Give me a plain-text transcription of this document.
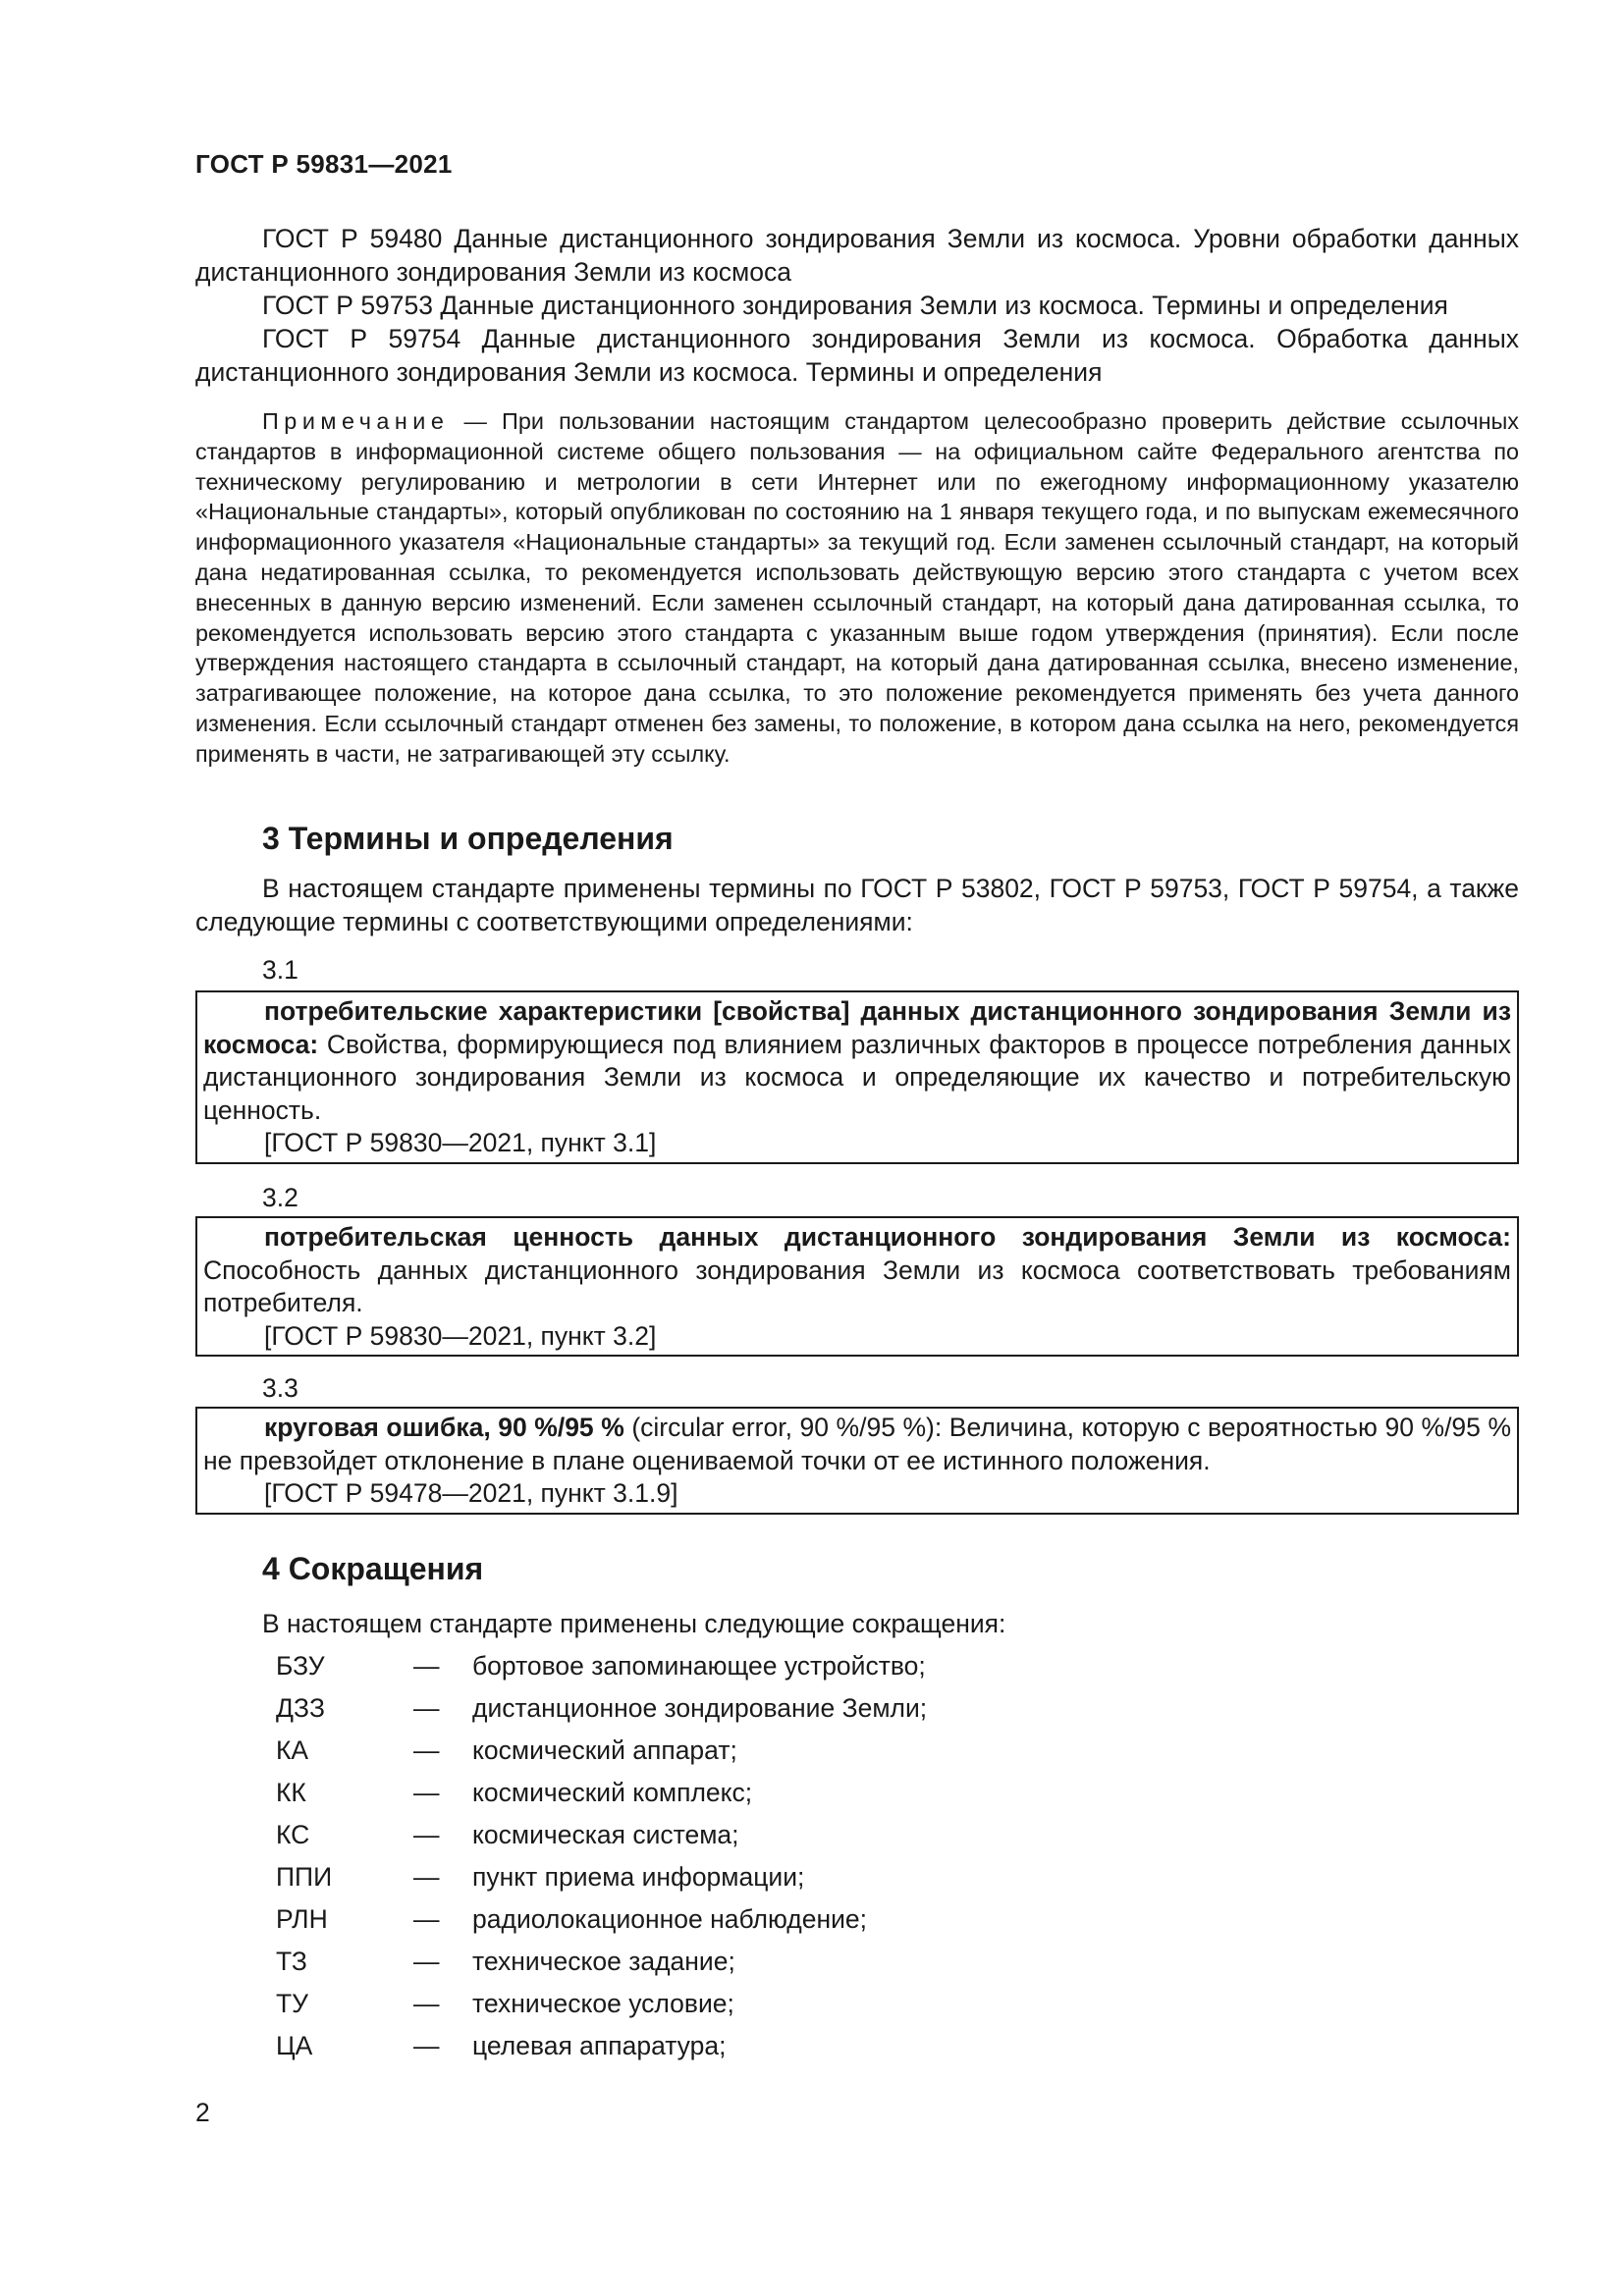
ГОСТ Р 59831—2021

ГОСТ Р 59480 Данные дистанционного зондирования Земли из космоса. Уровни обработки данных дистанционного зондирования Земли из космоса

ГОСТ Р 59753 Данные дистанционного зондирования Земли из космоса. Термины и определения

ГОСТ Р 59754 Данные дистанционного зондирования Земли из космоса. Обработка данных дистанционного зондирования Земли из космоса. Термины и определения

Примечание — При пользовании настоящим стандартом целесообразно проверить действие ссылочных стандартов в информационной системе общего пользования — на официальном сайте Федерального агентства по техническому регулированию и метрологии в сети Интернет или по ежегодному информационному указателю «Национальные стандарты», который опубликован по состоянию на 1 января текущего года, и по выпускам ежемесячного информационного указателя «Национальные стандарты» за текущий год. Если заменен ссылочный стандарт, на который дана недатированная ссылка, то рекомендуется использовать действующую версию этого стандарта с учетом всех внесенных в данную версию изменений. Если заменен ссылочный стандарт, на который дана датированная ссылка, то рекомендуется использовать версию этого стандарта с указанным выше годом утверждения (принятия). Если после утверждения настоящего стандарта в ссылочный стандарт, на который дана датированная ссылка, внесено изменение, затрагивающее положение, на которое дана ссылка, то это положение рекомендуется применять без учета данного изменения. Если ссылочный стандарт отменен без замены, то положение, в котором дана ссылка на него, рекомендуется применять в части, не затрагивающей эту ссылку.

3 Термины и определения

В настоящем стандарте применены термины по ГОСТ Р 53802, ГОСТ Р 59753, ГОСТ Р 59754, а также следующие термины с соответствующими определениями:

3.1

потребительские характеристики [свойства] данных дистанционного зондирования Земли из космоса: Свойства, формирующиеся под влиянием различных факторов в процессе потребления данных дистанционного зондирования Земли из космоса и определяющие их качество и потребительскую ценность.

[ГОСТ Р 59830—2021, пункт 3.1]

3.2

потребительская ценность данных дистанционного зондирования Земли из космоса: Способность данных дистанционного зондирования Земли из космоса соответствовать требованиям потребителя.

[ГОСТ Р 59830—2021, пункт 3.2]

3.3

круговая ошибка, 90 %/95 % (circular error, 90 %/95 %): Величина, которую с вероятностью 90 %/95 % не превзойдет отклонение в плане оцениваемой точки от ее истинного положения.

[ГОСТ Р 59478—2021, пункт 3.1.9]

4 Сокращения
В настоящем стандарте применены следующие сокращения:
БЗУ	— бортовое запоминающее устройство;
ДЗЗ	— дистанционное зондирование Земли;
КА	— космический аппарат;
КК	— космический комплекс;
КС	— космическая система;
ППИ	— пункт приема информации;
РЛН	— радиолокационное наблюдение;
ТЗ	— техническое задание;
ТУ	— техническое условие;
ЦА	— целевая аппаратура;
2
